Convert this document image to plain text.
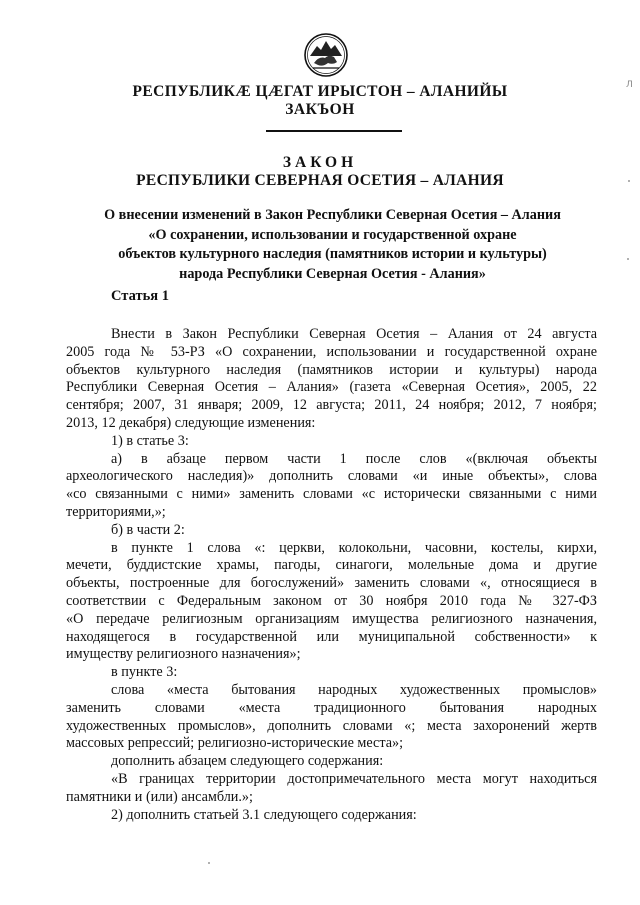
РЕСПУБЛИКӔ ЦӔГАТ ИРЫСТОН – АЛАНИЙЫ
ЗАКЪОН
ЗАКОН
РЕСПУБЛИКИ СЕВЕРНАЯ ОСЕТИЯ – АЛАНИЯ
О внесении изменений в Закон Республики Северная Осетия – Алания
«О сохранении, использовании и государственной охране
объектов культурного наследия (памятников истории и культуры)
народа Республики Северная Осетия - Алания»
Статья 1
Внести в Закон Республики Северная Осетия – Алания от 24 августа
2005 года № 53-РЗ «О сохранении, использовании и государственной охране
объектов культурного наследия (памятников истории и культуры) народа
Республики Северная Осетия – Алания» (газета «Северная Осетия», 2005, 22
сентября; 2007, 31 января; 2009, 12 августа; 2011, 24 ноября; 2012, 7 ноября;
2013, 12 декабря) следующие изменения:
1) в статье 3:
а) в абзаце первом части 1 после слов «(включая объекты
археологического наследия)» дополнить словами «и иные объекты», слова
«со связанными с ними» заменить словами «с исторически связанными с ними
территориями,»;
б) в части 2:
в пункте 1 слова «: церкви, колокольни, часовни, костелы, кирхи,
мечети, буддистские храмы, пагоды, синагоги, молельные дома и другие
объекты, построенные для богослужений» заменить словами «, относящиеся в
соответствии с Федеральным законом от 30 ноября 2010 года № 327-ФЗ
«О передаче религиозным организациям имущества религиозного назначения,
находящегося в государственной или муниципальной собственности» к
имуществу религиозного назначения»;
в пункте 3:
слова «места бытования народных художественных промыслов»
заменить словами «места традиционного бытования народных
художественных промыслов», дополнить словами «; места захоронений жертв
массовых репрессий; религиозно-исторические места»;
дополнить абзацем следующего содержания:
«В границах территории достопримечательного места могут находиться
памятники и (или) ансамбли.»;
2) дополнить статьей 3.1 следующего содержания:
Л
